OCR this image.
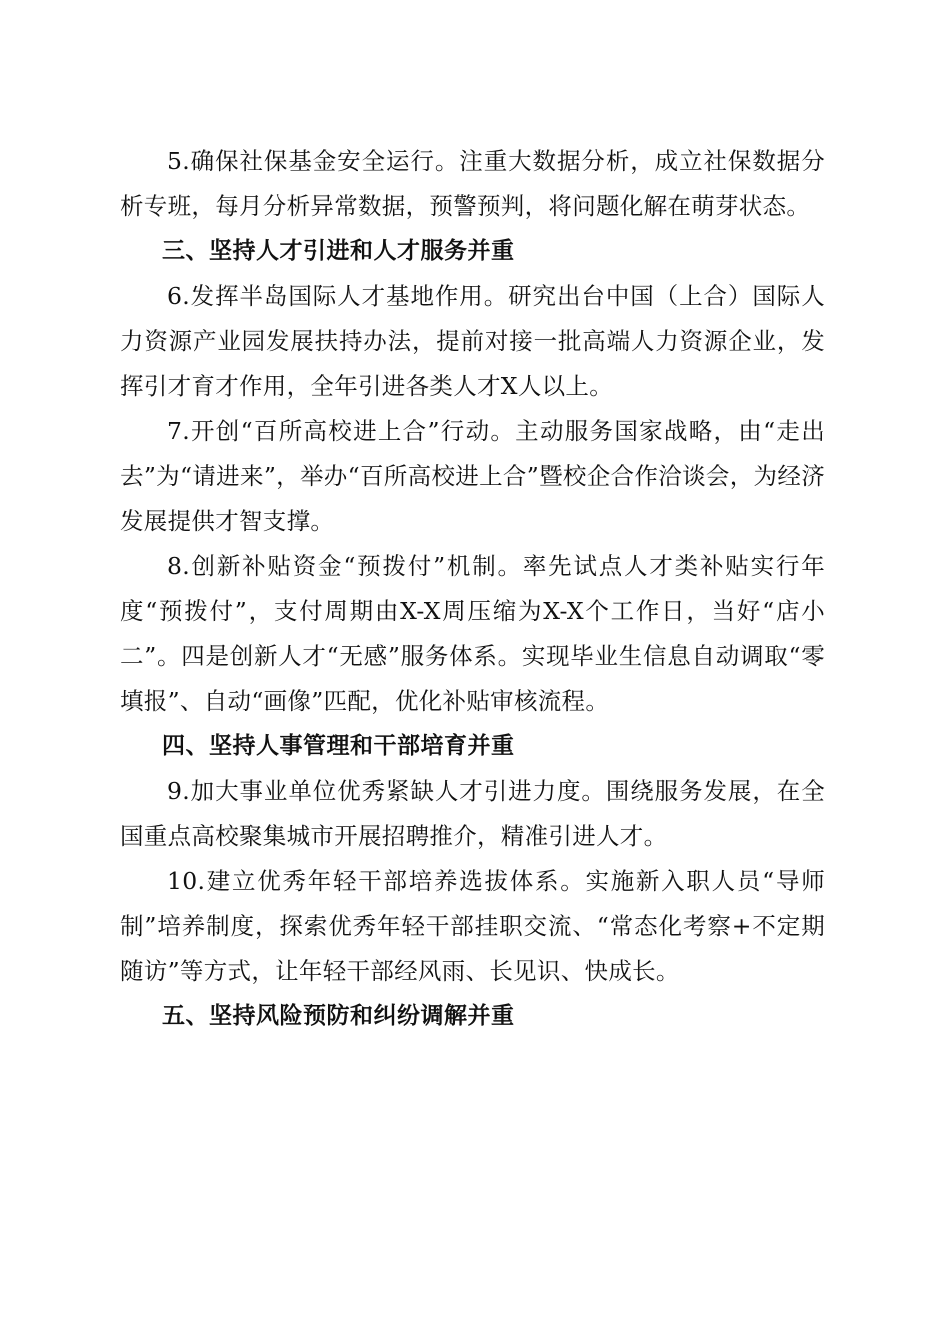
5.确保社保基金安全运行。注重大数据分析，成立社保数据分析专班，每月分析异常数据，预警预判，将问题化解在萌芽状态。

三、坚持人才引进和人才服务并重

6.发挥半岛国际人才基地作用。研究出台中国（上合）国际人力资源产业园发展扶持办法，提前对接一批高端人力资源企业，发挥引才育才作用，全年引进各类人才X人以上。

7.开创“百所高校进上合”行动。主动服务国家战略，由“走出去”为“请进来”，举办“百所高校进上合”暨校企合作洽谈会，为经济发展提供才智支撑。

8.创新补贴资金“预拨付”机制。率先试点人才类补贴实行年度“预拨付”，支付周期由X-X周压缩为X-X个工作日，当好“店小二”。四是创新人才“无感”服务体系。实现毕业生信息自动调取“零填报”、自动“画像”匹配，优化补贴审核流程。

四、坚持人事管理和干部培育并重

9.加大事业单位优秀紧缺人才引进力度。围绕服务发展，在全国重点高校聚集城市开展招聘推介，精准引进人才。

10.建立优秀年轻干部培养选拔体系。实施新入职人员“导师制”培养制度，探索优秀年轻干部挂职交流、“常态化考察+不定期随访”等方式，让年轻干部经风雨、长见识、快成长。

五、坚持风险预防和纠纷调解并重
